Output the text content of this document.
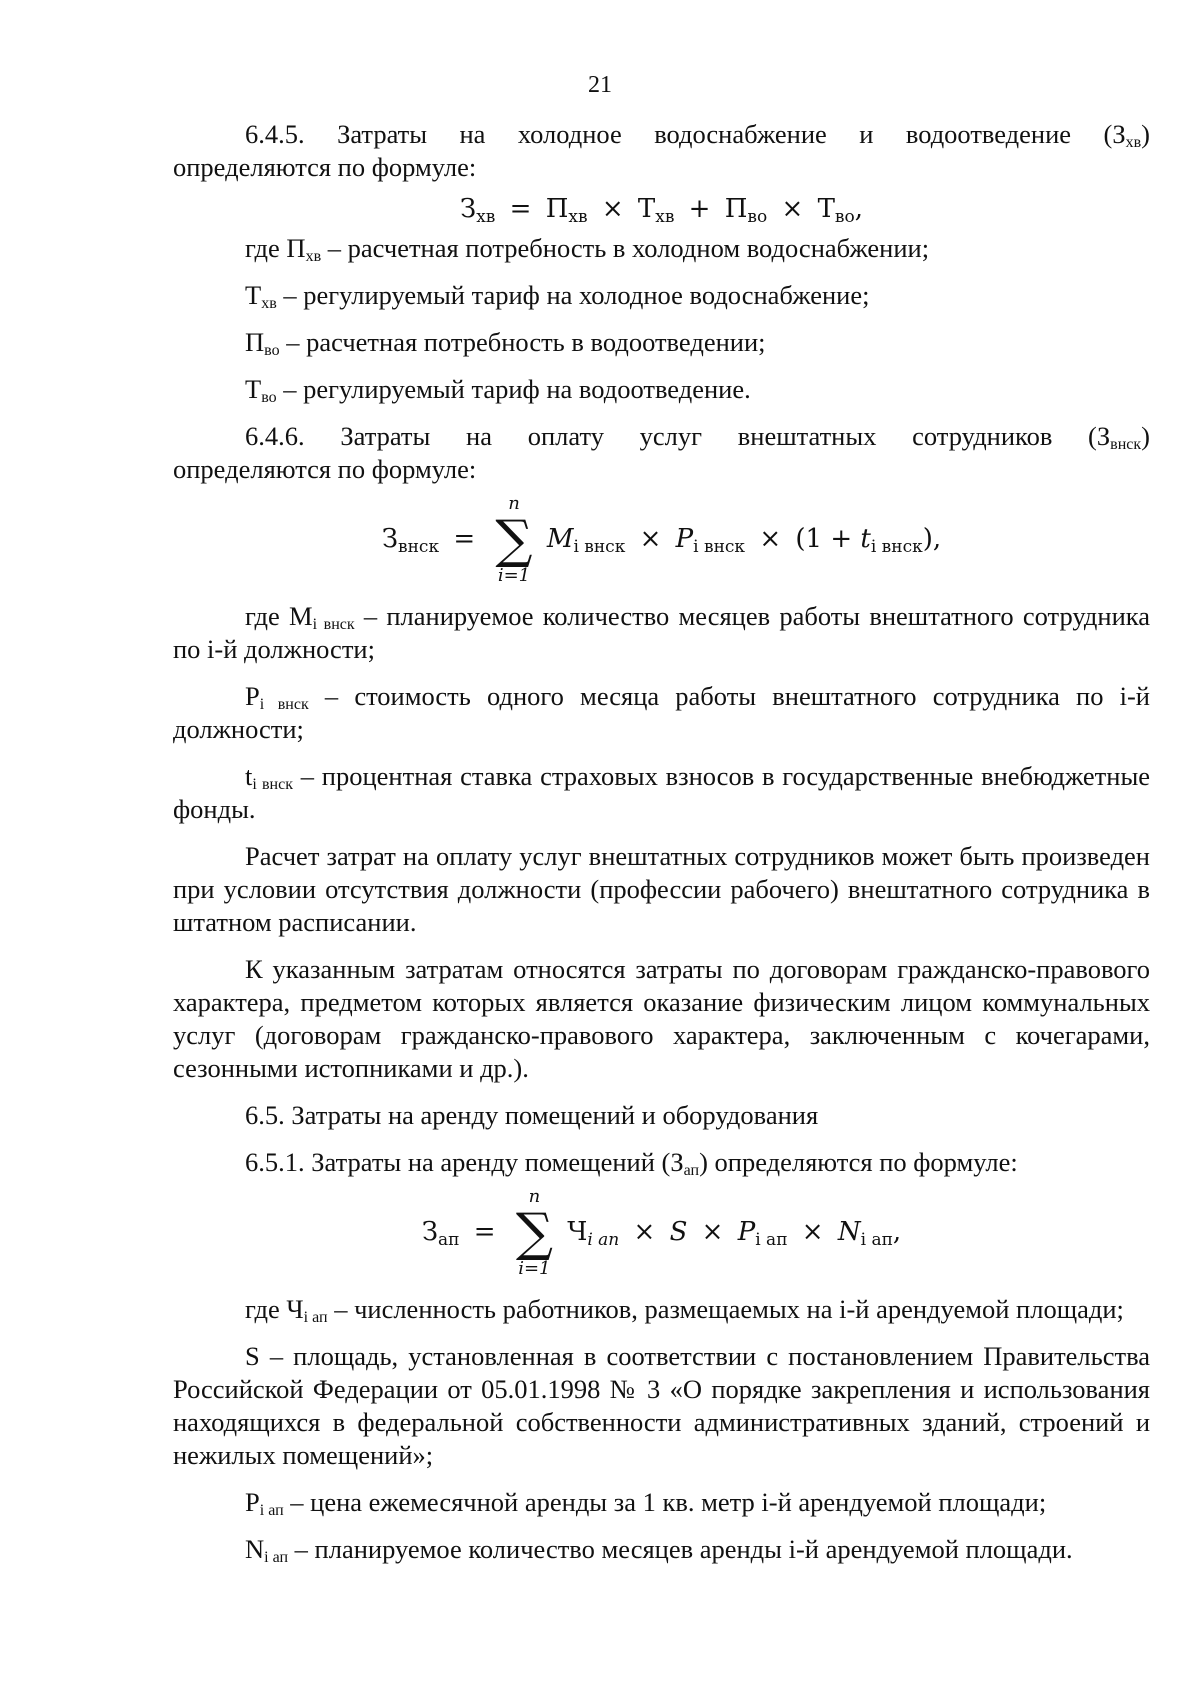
21

6.4.5. Затраты на холодное водоснабжение и водоотведение $(З_{хв})$

определяются по формуле:

$З_{хв} = П_{хв} \times Т_{хв} + П_{во} \times Т_{во}$,

где $П_{хв}$ – расчетная потребность в холодном водоснабжении;

$Т_{хв}$ – регулируемый тариф на холодное водоснабжение;

$П_{во}$ – расчетная потребность в водоотведении;

$Т_{во}$ – регулируемый тариф на водоотведение.

6.4.6. Затраты на оплату услуг внештатных сотрудников $(З_{внск})$

определяются по формуле:

$З_{внск}$ =
n
∑
i=1
$M_{i внск} \times P_{i внск} \times (1 + t_{i внск})$,

где $М_{i внск}$ – планируемое количество месяцев работы внештатного сотрудника по i-й должности;

$P_{i внск}$ – стоимость одного месяца работы внештатного сотрудника по i-й должности;

$t_{i внск}$ – процентная ставка страховых взносов в государственные внебюджетные фонды.

Расчет затрат на оплату услуг внештатных сотрудников может быть произведен при условии отсутствия должности (профессии рабочего) внештатного сотрудника в штатном расписании.

К указанным затратам относятся затраты по договорам гражданско-правового характера, предметом которых является оказание физическим лицом коммунальных услуг (договорам гражданско-правового характера, заключенным с кочегарами, сезонными истопниками и др.).

6.5. Затраты на аренду помещений и оборудования

6.5.1. Затраты на аренду помещений $(З_{ап})$ определяются по формуле:

$З_{ап}$ =
n
∑
i=1
$Ч_{i ап} \times S \times P_{i ап} \times N_{i ап}$,

где $Ч_{i ап}$ – численность работников, размещаемых на i-й арендуемой площади;

S – площадь, установленная в соответствии с постановлением Правительства Российской Федерации от 05.01.1998 № 3 «О порядке закрепления и использования находящихся в федеральной собственности административных зданий, строений и нежилых помещений»;

$P_{i ап}$ – цена ежемесячной аренды за 1 кв. метр i-й арендуемой площади;

$N_{i ап}$ – планируемое количество месяцев аренды i-й арендуемой площади.
